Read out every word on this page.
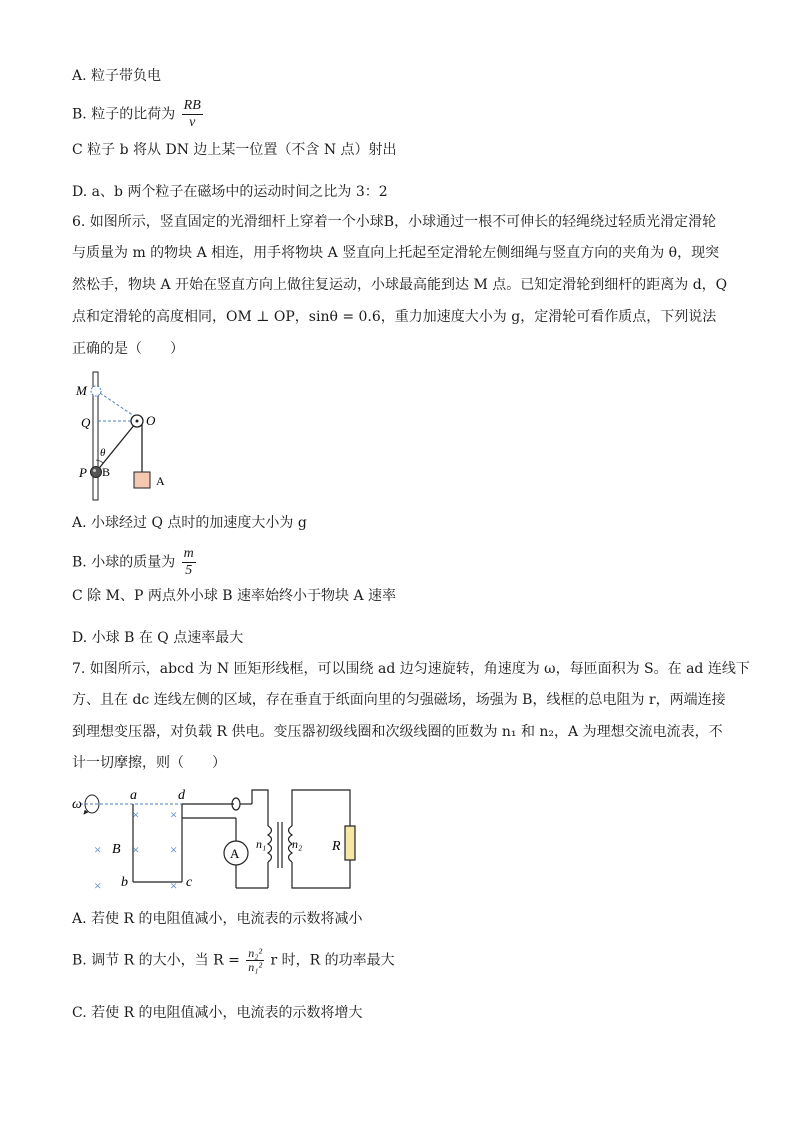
A. 粒子带负电
B. 粒子的比荷为 $\frac{RB}{v}$
C 粒子 b 将从 DN 边上某一位置（不含 N 点）射出
D. a、b 两个粒子在磁场中的运动时间之比为 3：2
6. 如图所示，竖直固定的光滑细杆上穿着一个小球B，小球通过一根不可伸长的轻绳绕过轻质光滑定滑轮
与质量为 m 的物块 A 相连，用手将物块 A 竖直向上托起至定滑轮左侧细绳与竖直方向的夹角为 θ，现突
然松手，物块 A 开始在竖直方向上做往复运动，小球最高能到达 M 点。已知定滑轮到细杆的距离为 d，Q
点和定滑轮的高度相同，OM ⊥ OP，sinθ = 0.6，重力加速度大小为 g，定滑轮可看作质点，下列说法
正确的是（　　）
M
Q	O
θ
P B
A
A. 小球经过 Q 点时的加速度大小为 g
B. 小球的质量为 $\frac{m}{5}$
C 除 M、P 两点外小球 B 速率始终小于物块 A 速率
D. 小球 B 在 Q 点速率最大
7. 如图所示，abcd 为 N 匝矩形线框，可以围绕 ad 边匀速旋转，角速度为 ω，每匝面积为 S。在 ad 连线下
方、且在 dc 连线左侧的区域，存在垂直于纸面向里的匀强磁场，场强为 B，线框的总电阻为 r，两端连接
到理想变压器，对负载 R 供电。变压器初级线圈和次级线圈的匝数为 n₁ 和 n₂，A 为理想交流电流表，不
计一切摩擦，则（　　）
ω
A
a	d
b	c
B	n₁ n₂ R
× ×
× × ×
×	×
A. 若使 R 的电阻值减小，电流表的示数将减小
B. 调节 R 的大小，当 $R = \frac{\text{n₂²}}{\text{n₁²}}$ r 时，R 的功率最大
C. 若使 R 的电阻值减小，电流表的示数将增大
